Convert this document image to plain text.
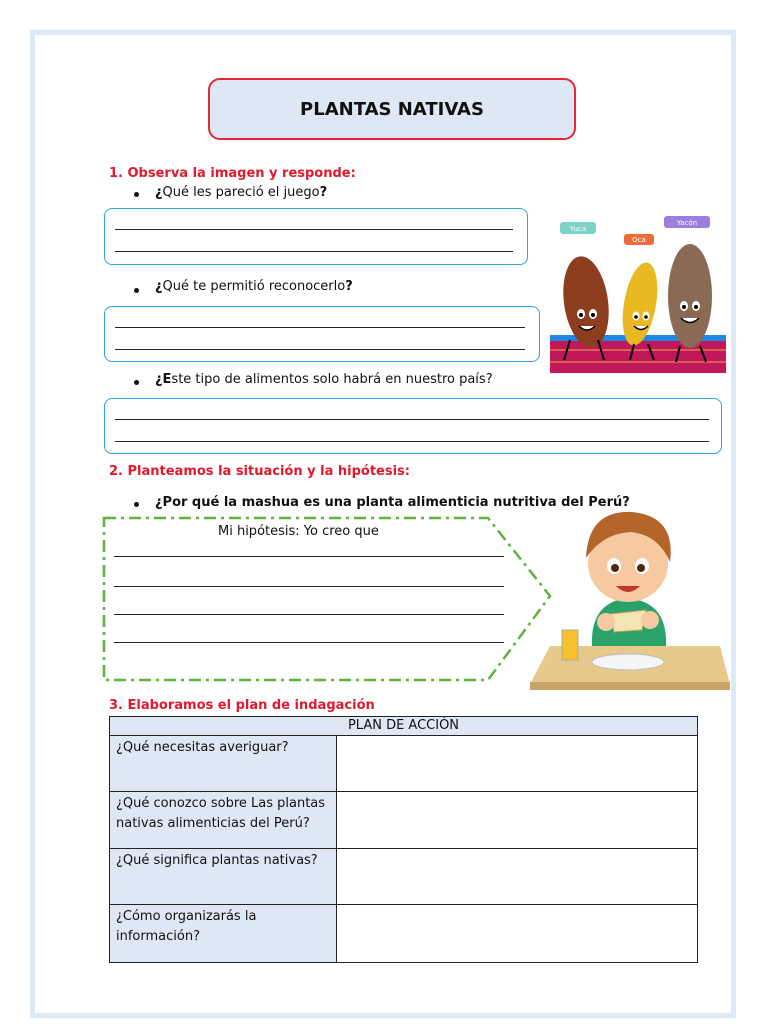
PLANTAS NATIVAS
1. Observa la imagen y responde:
¿Qué les pareció el juego?
¿Qué te permitió reconocerlo?
¿Este tipo de alimentos solo habrá en nuestro país?
Yuca
Oca
Yacón
2. Planteamos la situación y la hipótesis:
¿Por qué la mashua es una planta alimenticia nutritiva del Perú?
Mi hipótesis: Yo creo que
3. Elaboramos el plan de indagación
PLAN DE ACCIÓN	
¿Qué necesitas averiguar?	
¿Qué conozco sobre Las plantas nativas alimenticias del Perú?	
¿Qué significa plantas nativas?	
¿Cómo organizarás la información?	
